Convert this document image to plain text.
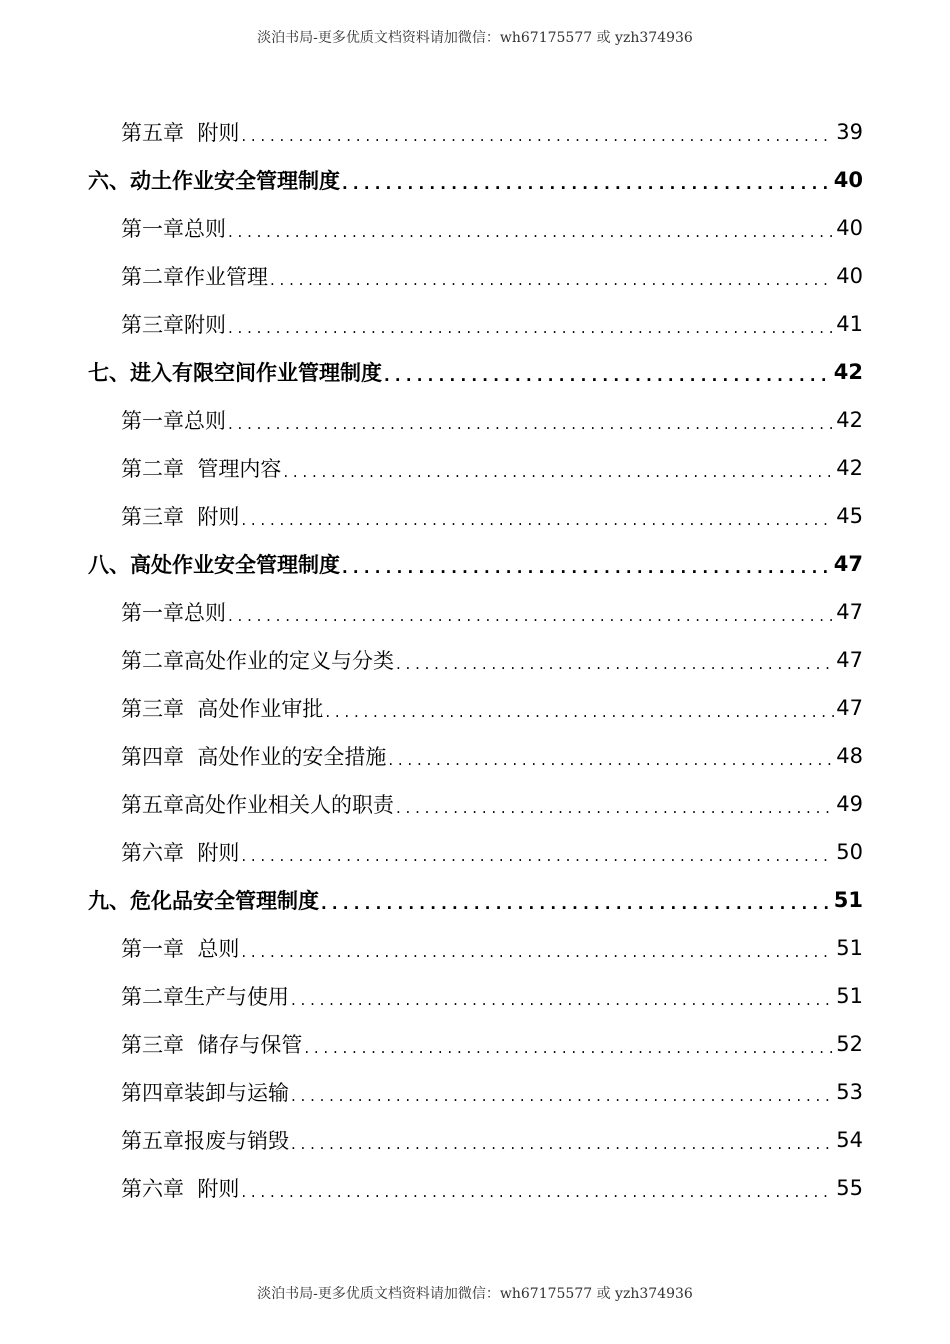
淡泊书局-更多优质文档资料请加微信：wh67175577 或 yzh374936
第五章  附则 . . .	39
六、动土作业安全管理制度 . . .	40
第一章总则 . . .	40
第二章作业管理 . . .	40
第三章附则 . . .	41
七、进入有限空间作业管理制度 . . .	42
第一章总则 . . .	42
第二章  管理内容 . . .	42
第三章  附则 . . .	45
八、高处作业安全管理制度 . . .	47
第一章总则 . . .	47
第二章高处作业的定义与分类 . . .	47
第三章  高处作业审批 . . .	47
第四章  高处作业的安全措施 . . .	48
第五章高处作业相关人的职责 . . .	49
第六章  附则 . . .	50
九、危化品安全管理制度 . . .	51
第一章  总则 . . .	51
第二章生产与使用 . . .	51
第三章  储存与保管 . . .	52
第四章装卸与运输 . . .	53
第五章报废与销毁 . . .	54
第六章  附则 . . .	55
淡泊书局-更多优质文档资料请加微信：wh67175577 或 yzh374936
